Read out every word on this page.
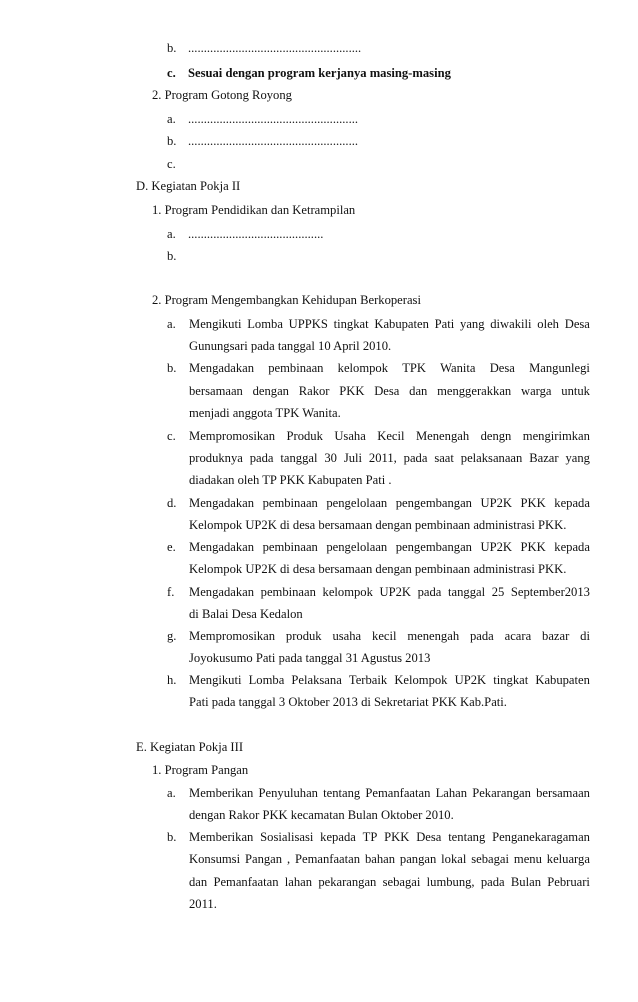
b. .......................................................
c. Sesuai dengan program kerjanya masing-masing
2. Program Gotong Royong
a. ......................................................
b. ......................................................
c.
D. Kegiatan Pokja II
1. Program Pendidikan dan Ketrampilan
a. ...........................................
b.
2. Program Mengembangkan Kehidupan Berkoperasi
a. Mengikuti Lomba UPPKS tingkat Kabupaten Pati yang diwakili oleh Desa
Gunungsari pada tanggal 10 April 2010.
b. Mengadakan pembinaan kelompok TPK Wanita Desa Mangunlegi
bersamaan dengan Rakor PKK Desa dan menggerakkan warga untuk
menjadi anggota TPK Wanita.
c. Mempromosikan Produk Usaha Kecil Menengah dengn mengirimkan
produknya pada tanggal 30 Juli 2011, pada saat pelaksanaan Bazar yang
diadakan oleh TP PKK Kabupaten Pati .
d. Mengadakan pembinaan pengelolaan pengembangan UP2K PKK kepada
Kelompok UP2K di desa bersamaan dengan pembinaan administrasi PKK.
e. Mengadakan pembinaan pengelolaan pengembangan UP2K PKK kepada
Kelompok UP2K di desa bersamaan dengan pembinaan administrasi PKK.
f. Mengadakan pembinaan kelompok UP2K pada tanggal 25 September2013
di Balai Desa Kedalon
g. Mempromosikan produk usaha kecil menengah pada acara bazar di
Joyokusumo Pati pada tanggal 31 Agustus 2013
h. Mengikuti Lomba Pelaksana Terbaik Kelompok UP2K tingkat Kabupaten
Pati pada tanggal 3 Oktober 2013 di Sekretariat PKK Kab.Pati.
E. Kegiatan Pokja III
1. Program Pangan
a. Memberikan Penyuluhan tentang Pemanfaatan Lahan Pekarangan bersamaan
dengan Rakor PKK kecamatan Bulan Oktober 2010.
b. Memberikan Sosialisasi kepada TP PKK Desa tentang Penganekaragaman
Konsumsi Pangan , Pemanfaatan bahan pangan lokal sebagai menu keluarga
dan Pemanfaatan lahan pekarangan sebagai lumbung, pada Bulan Pebruari
2011.
